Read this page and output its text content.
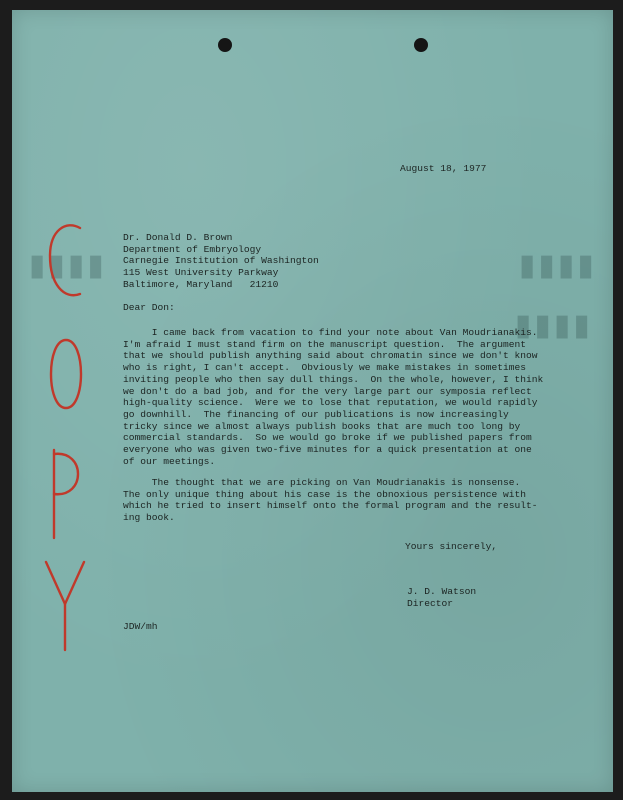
▮▮▮▮	▮▮▮▮
▮▮▮▮
August 18, 1977
Dr. Donald D. Brown
Department of Embryology
Carnegie Institution of Washington
115 West University Parkway
Baltimore, Maryland   21210
Dear Don:
I came back from vacation to find your note about Van Moudrianakis.
I'm afraid I must stand firm on the manuscript question.  The argument
that we should publish anything said about chromatin since we don't know
who is right, I can't accept.  Obviously we make mistakes in sometimes
inviting people who then say dull things.  On the whole, however, I think
we don't do a bad job, and for the very large part our symposia reflect
high-quality science.  Were we to lose that reputation, we would rapidly
go downhill.  The financing of our publications is now increasingly
tricky since we almost always publish books that are much too long by
commercial standards.  So we would go broke if we published papers from
everyone who was given two-five minutes for a quick presentation at one
of our meetings.
The thought that we are picking on Van Moudrianakis is nonsense.
The only unique thing about his case is the obnoxious persistence with
which he tried to insert himself onto the formal program and the result-
ing book.
Yours sincerely,
J. D. Watson
Director
JDW/mh
